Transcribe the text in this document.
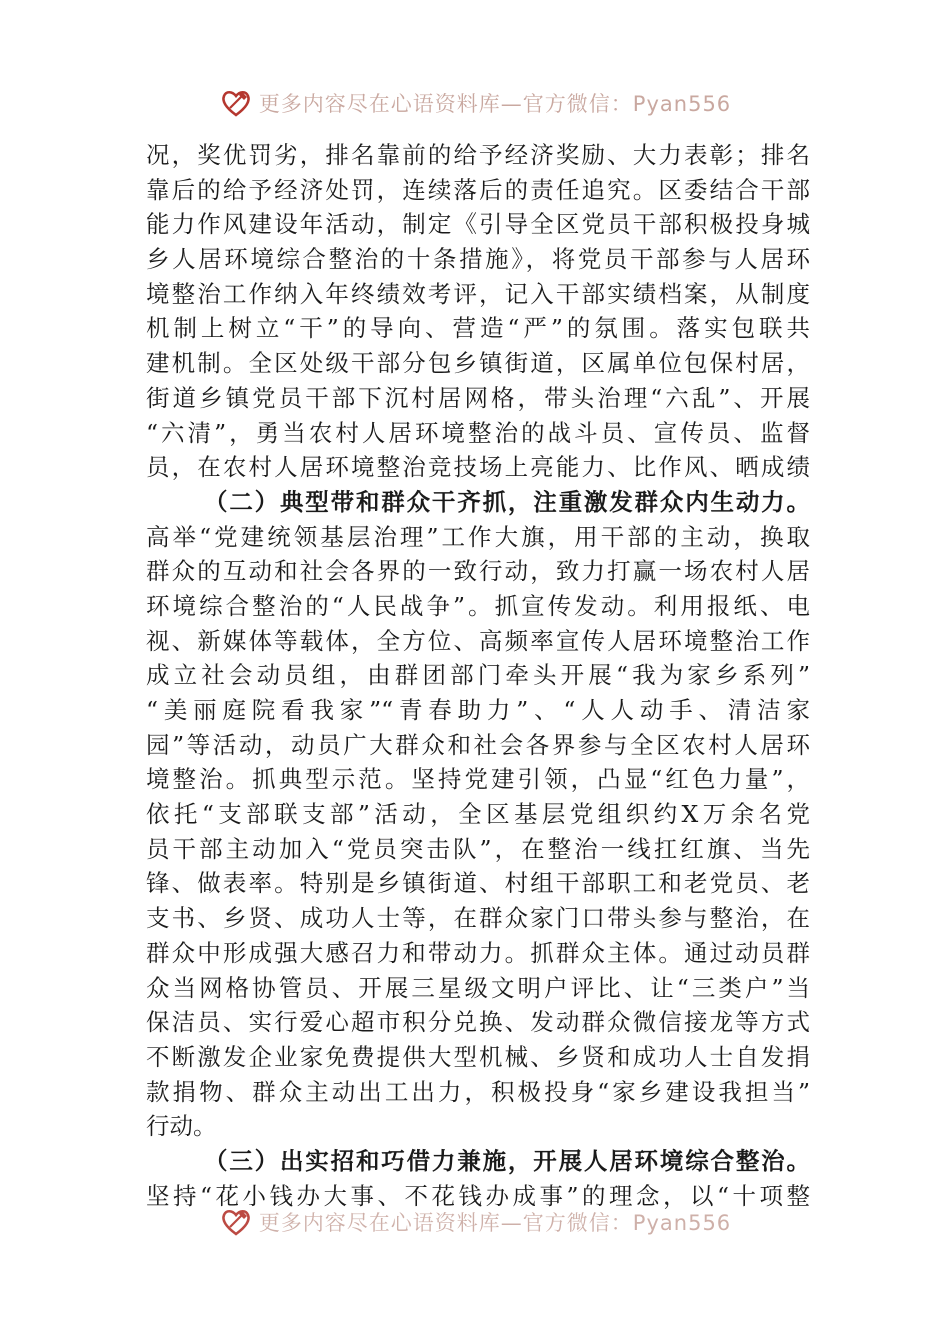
更多内容尽在心语资料库—官方微信：Pyan556
况，奖优罚劣，排名靠前的给予经济奖励、大力表彰；排名
靠后的给予经济处罚，连续落后的责任追究。区委结合干部
能力作风建设年活动，制定《引导全区党员干部积极投身城
乡人居环境综合整治的十条措施》，将党员干部参与人居环
境整治工作纳入年终绩效考评，记入干部实绩档案，从制度
机制上树立“干”的导向、营造“严”的氛围。落实包联共
建机制。全区处级干部分包乡镇街道，区属单位包保村居，
街道乡镇党员干部下沉村居网格，带头治理“六乱”、开展
“六清”，勇当农村人居环境整治的战斗员、宣传员、监督
员，在农村人居环境整治竞技场上亮能力、比作风、晒成绩
（二）典型带和群众干齐抓，注重激发群众内生动力。
高举“党建统领基层治理”工作大旗，用干部的主动，换取
群众的互动和社会各界的一致行动，致力打赢一场农村人居
环境综合整治的“人民战争”。抓宣传发动。利用报纸、电
视、新媒体等载体，全方位、高频率宣传人居环境整治工作
成立社会动员组，由群团部门牵头开展“我为家乡系列”
“美丽庭院看我家”“青春助力”、“人人动手、清洁家
园”等活动，动员广大群众和社会各界参与全区农村人居环
境整治。抓典型示范。坚持党建引领，凸显“红色力量”，
依托“支部联支部”活动，全区基层党组织约X万余名党
员干部主动加入“党员突击队”，在整治一线扛红旗、当先
锋、做表率。特别是乡镇街道、村组干部职工和老党员、老
支书、乡贤、成功人士等，在群众家门口带头参与整治，在
群众中形成强大感召力和带动力。抓群众主体。通过动员群
众当网格协管员、开展三星级文明户评比、让“三类户”当
保洁员、实行爱心超市积分兑换、发动群众微信接龙等方式
不断激发企业家免费提供大型机械、乡贤和成功人士自发捐
款捐物、群众主动出工出力，积极投身“家乡建设我担当”
行动。
（三）出实招和巧借力兼施，开展人居环境综合整治。
坚持“花小钱办大事、不花钱办成事”的理念，以“十项整
更多内容尽在心语资料库—官方微信：Pyan556
